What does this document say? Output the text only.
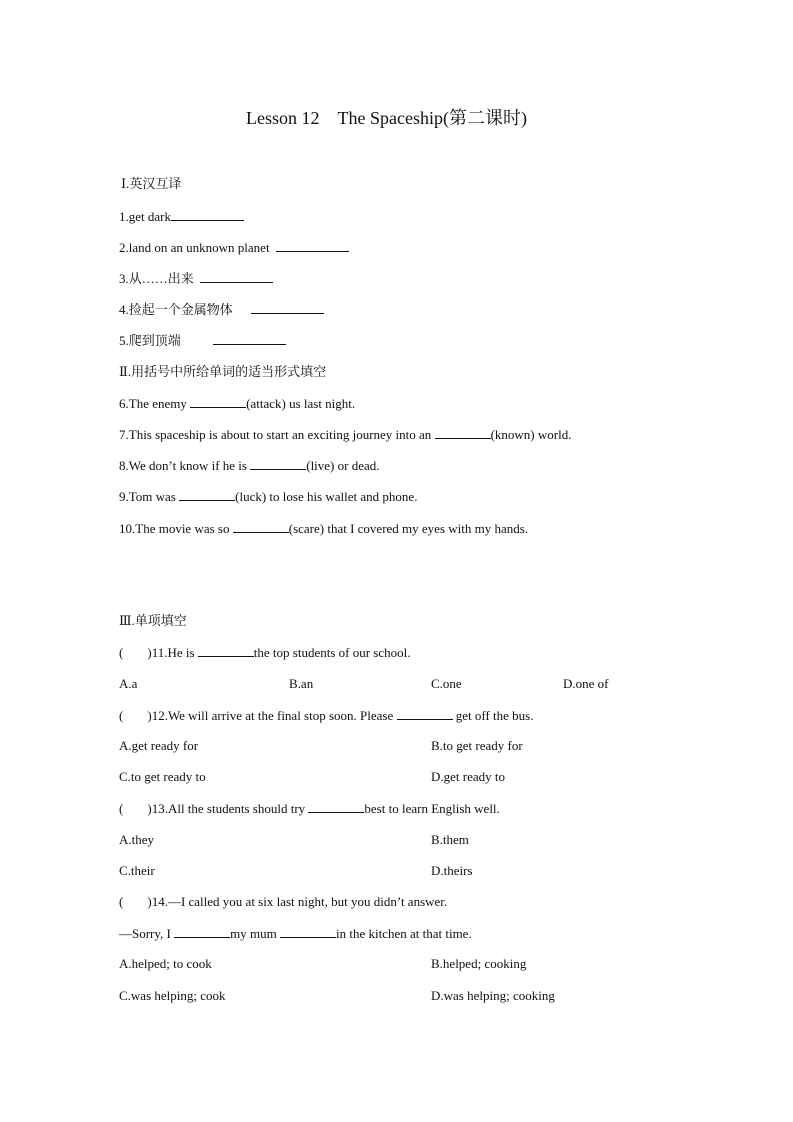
Lesson 12　The Spaceship(第二课时)
Ⅰ.英汉互译
1.get dark
2.land on an unknown planet
3.从……出来
4.捡起一个金属物体
5.爬到顶端
Ⅱ.用括号中所给单词的适当形式填空
6.The enemy	(attack) us last night.
7.This spaceship is about to start an exciting journey into an	(known) world.
8.We don’t know if he is	(live) or dead.
9.Tom was	(luck) to lose his wallet and phone.
10.The movie was so	(scare) that I covered my eyes with my hands.
Ⅲ.单项填空
( )11.He is	the top students of our school.
A.a	B.an	C.one	D.one of
( )12.We will arrive at the final stop soon. Please	get off the bus.
A.get ready for	B.to get ready for
C.to get ready to	D.get ready to
( )13.All the students should try	best to learn English well.
A.they	B.them
C.their	D.theirs
( )14.—I called you at six last night, but you didn’t answer.
—Sorry, I	my mum	in the kitchen at that time.
A.helped; to cook	B.helped; cooking
C.was helping; cook	D.was helping; cooking
